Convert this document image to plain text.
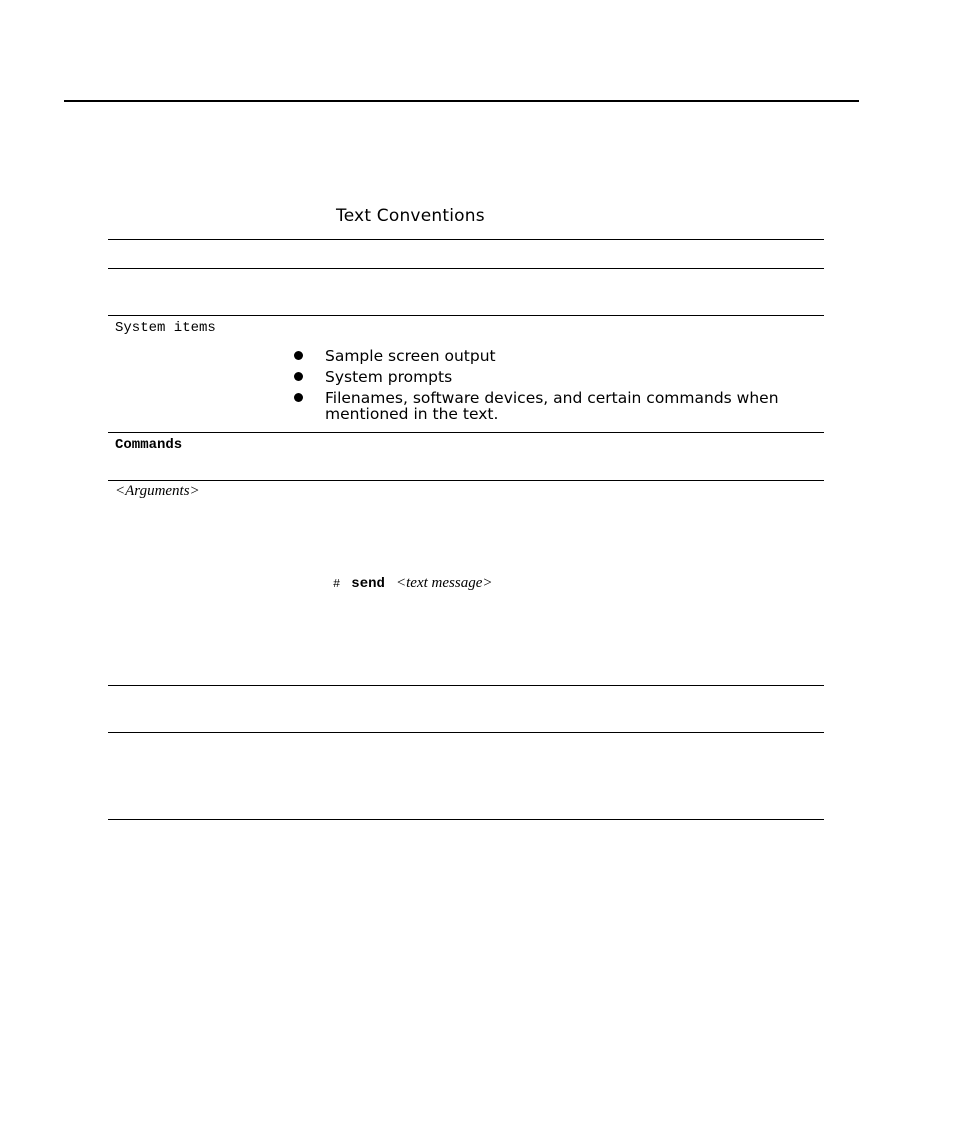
Text Conventions
System items
Sample screen output
System prompts
Filenames, software devices, and certain commands when mentioned in the text.
Commands
<Arguments>
# send <text message>
